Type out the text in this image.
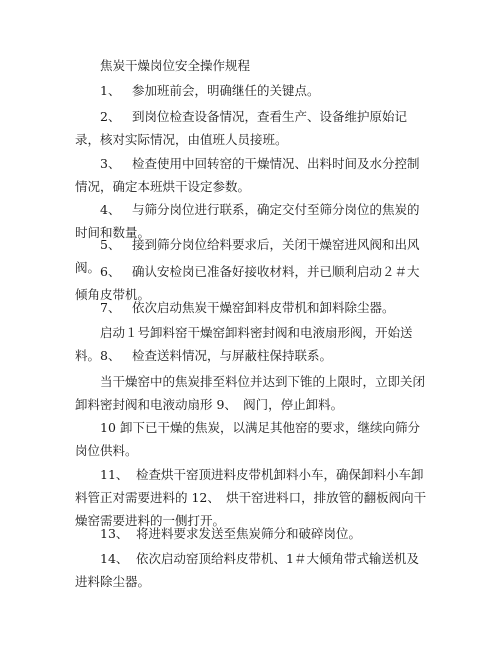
焦炭干燥岗位安全操作规程
1、 参加班前会，明确继任的关键点。
2、 到岗位检查设备情况，查看生产、设备维护原始记录，核对实际情况，由值班人员接班。
3、 检查使用中回转窑的干燥情况、出料时间及水分控制情况，确定本班烘干设定参数。
4、 与筛分岗位进行联系，确定交付至筛分岗位的焦炭的时间和数量。
5、 接到筛分岗位给料要求后，关闭干燥窑进风阀和出风阀。 6、 确认安检岗已准备好接收材料，并已顺利启动２＃大倾角皮带机。
7、 依次启动焦炭干燥窑卸料皮带机和卸料除尘器。
启动１号卸料窑干燥窑卸料密封阀和电液扇形阀，开始送料。 8、 检查送料情况，与屏蔽柱保持联系。
当干燥窑中的焦炭排至料位并达到下锥的上限时，立即关闭卸料密封阀和电液动扇形 9、　阀门，停止卸料。
10 卸下已干燥的焦炭，以满足其他窑的要求，继续向筛分岗位供料。
11、 检查烘干窑顶进料皮带机卸料小车，确保卸料小车卸料管正对需要进料的 12、　烘干窑进料口，排放管的翻板阀向干燥窑需要进料的一侧打开。
13、 将进料要求发送至焦炭筛分和破碎岗位。
14、 依次启动窑顶给料皮带机、1＃大倾角带式输送机及进料除尘器。
